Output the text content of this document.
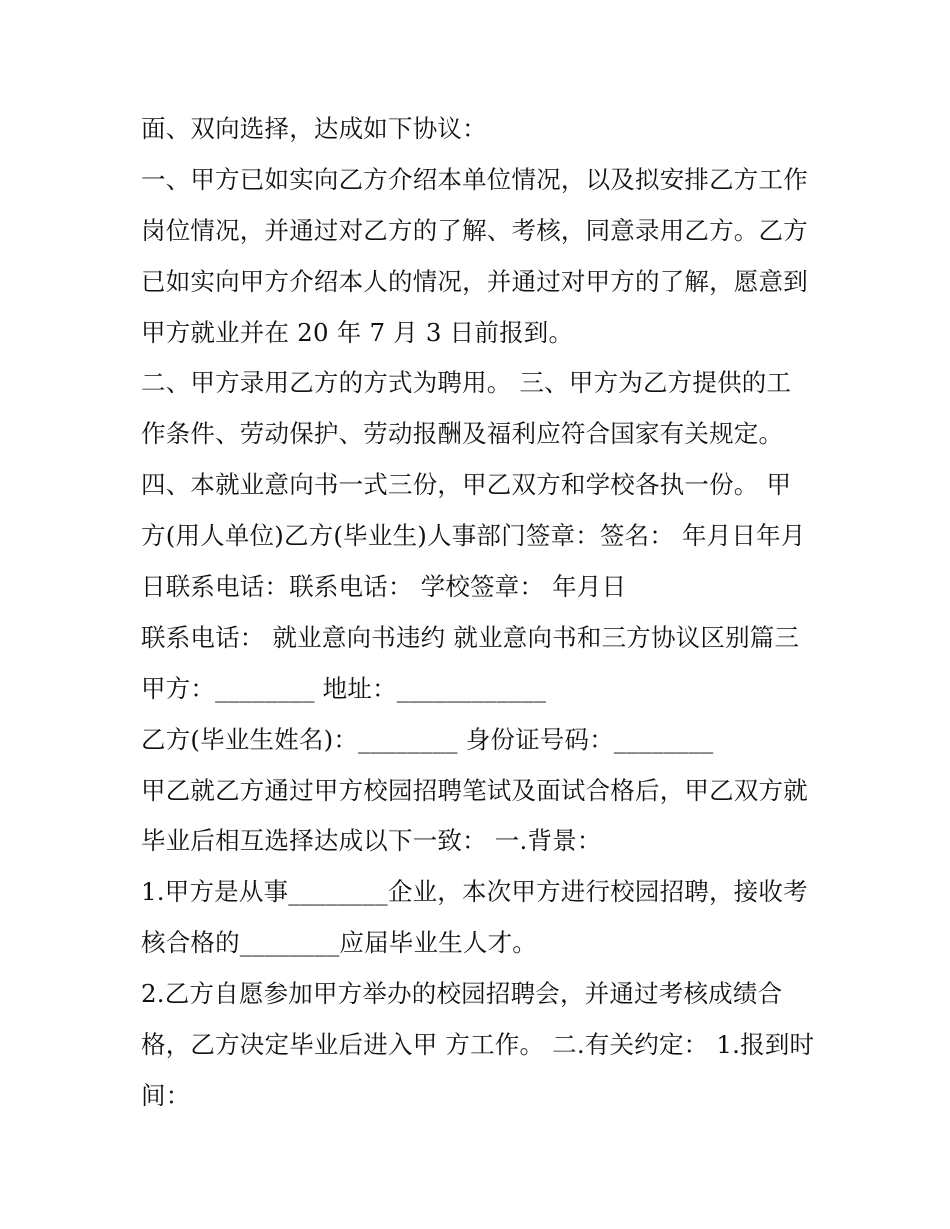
面、双向选择，达成如下协议：
一、甲方已如实向乙方介绍本单位情况，以及拟安排乙方工作
岗位情况，并通过对乙方的了解、考核，同意录用乙方。乙方
已如实向甲方介绍本人的情况，并通过对甲方的了解，愿意到
甲方就业并在 20 年 7 月 3 日前报到。
二、甲方录用乙方的方式为聘用。 三、甲方为乙方提供的工
作条件、劳动保护、劳动报酬及福利应符合国家有关规定。
四、本就业意向书一式三份，甲乙双方和学校各执一份。 甲
方(用人单位)乙方(毕业生)人事部门签章：签名： 年月日年月
日联系电话：联系电话： 学校签章： 年月日
联系电话： 就业意向书违约 就业意向书和三方协议区别篇三
甲方：________ 地址：____________
乙方(毕业生姓名)：________ 身份证号码：________
甲乙就乙方通过甲方校园招聘笔试及面试合格后，甲乙双方就
毕业后相互选择达成以下一致： 一.背景：
1.甲方是从事________企业，本次甲方进行校园招聘，接收考
核合格的________应届毕业生人才。
2.乙方自愿参加甲方举办的校园招聘会，并通过考核成绩合
格，乙方决定毕业后进入甲 方工作。 二.有关约定： 1.报到时
间：
